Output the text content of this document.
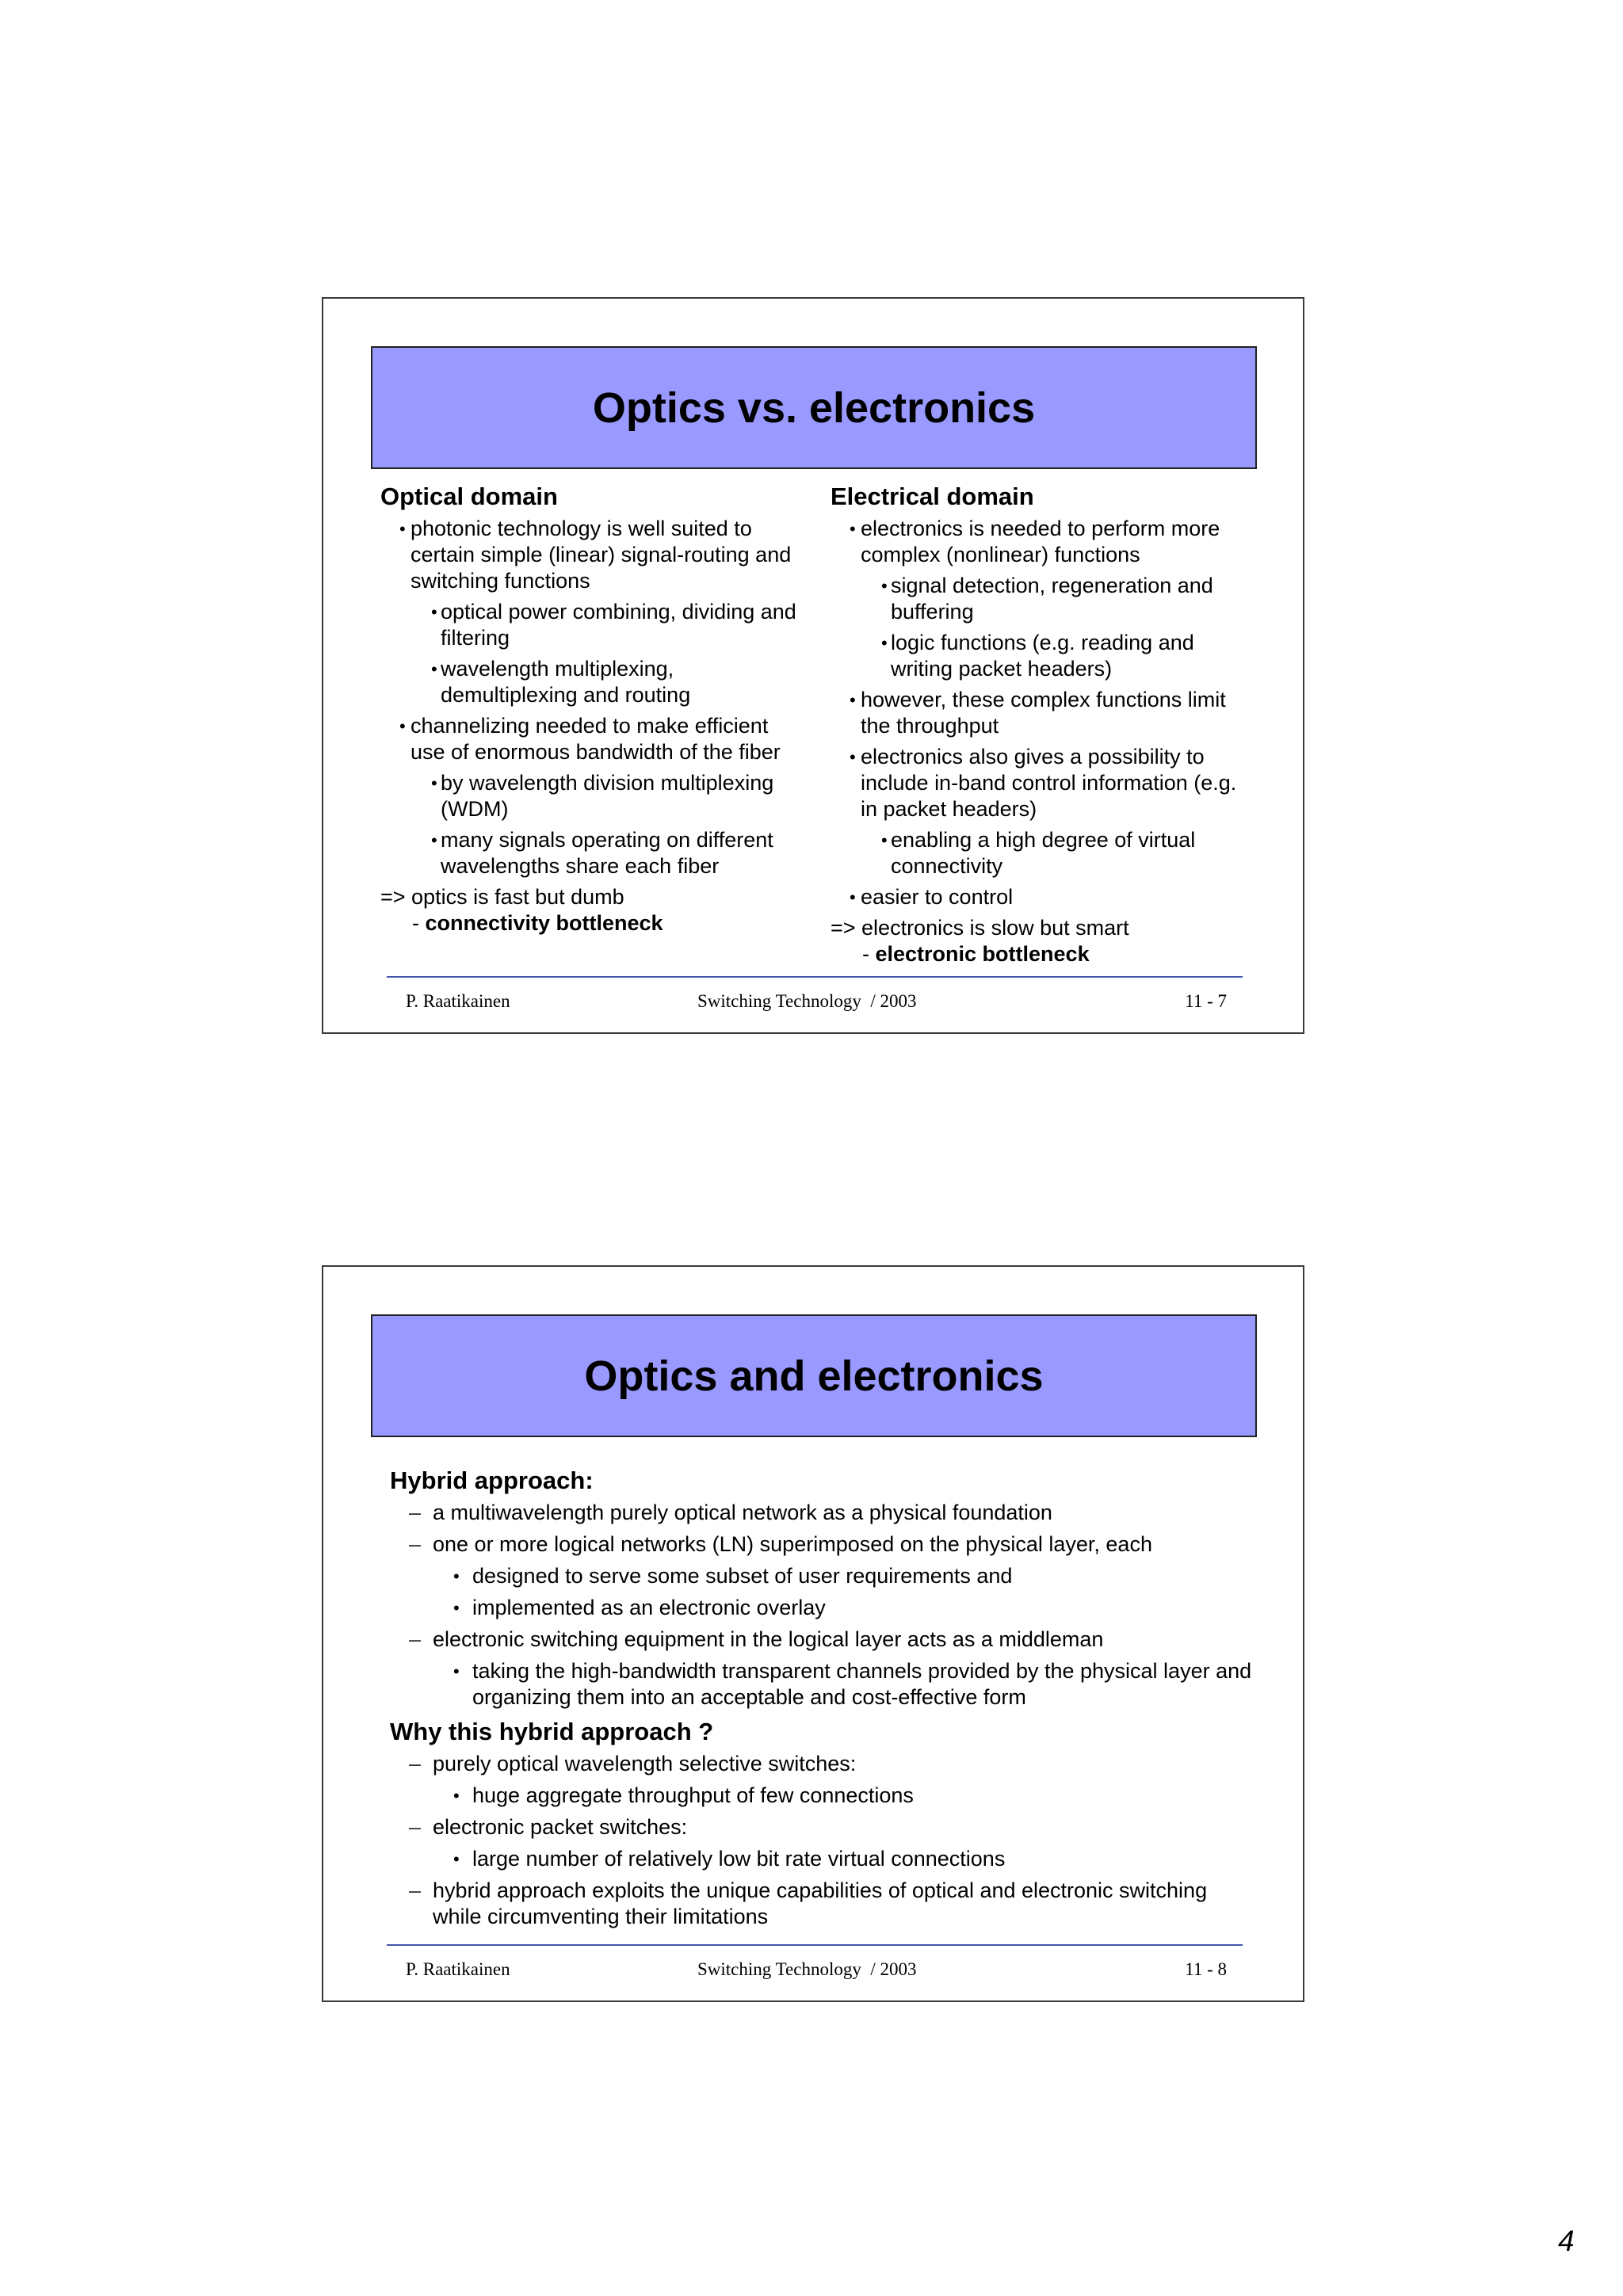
Optics vs. electronics
Optical domain
• photonic technology is well suited to certain simple (linear) signal-routing and switching functions
• optical power combining, dividing and filtering
• wavelength multiplexing, demultiplexing and routing
• channelizing needed to make efficient use of enormous bandwidth of the fiber
• by wavelength division multiplexing (WDM)
• many signals operating on different wavelengths share each fiber
=> optics is fast but dumb
- connectivity bottleneck
Electrical domain
• electronics is needed to perform more complex (nonlinear) functions
• signal detection, regeneration and buffering
• logic functions (e.g. reading and writing packet headers)
• however, these complex functions limit the throughput
• electronics also gives a possibility to include in-band control information (e.g. in packet headers)
• enabling a high degree of virtual connectivity
• easier to control
=> electronics is slow but smart
- electronic bottleneck
P. Raatikainen	Switching Technology  / 2003	11 - 7
Optics and electronics
Hybrid approach:
– a multiwavelength purely optical network as a physical foundation
– one or more logical networks (LN) superimposed on the physical layer, each
• designed to serve some subset of user requirements and
• implemented as an electronic overlay
– electronic switching equipment in the logical layer acts as a middleman
• taking the high-bandwidth transparent channels provided by the physical layer and organizing them into an acceptable and cost-effective form
Why this hybrid approach ?
– purely optical wavelength selective switches:
• huge aggregate throughput of few connections
– electronic packet switches:
• large number of relatively low bit rate virtual connections
– hybrid approach exploits the unique capabilities of optical and electronic switching while circumventing their limitations
P. Raatikainen	Switching Technology  / 2003	11 - 8
4
